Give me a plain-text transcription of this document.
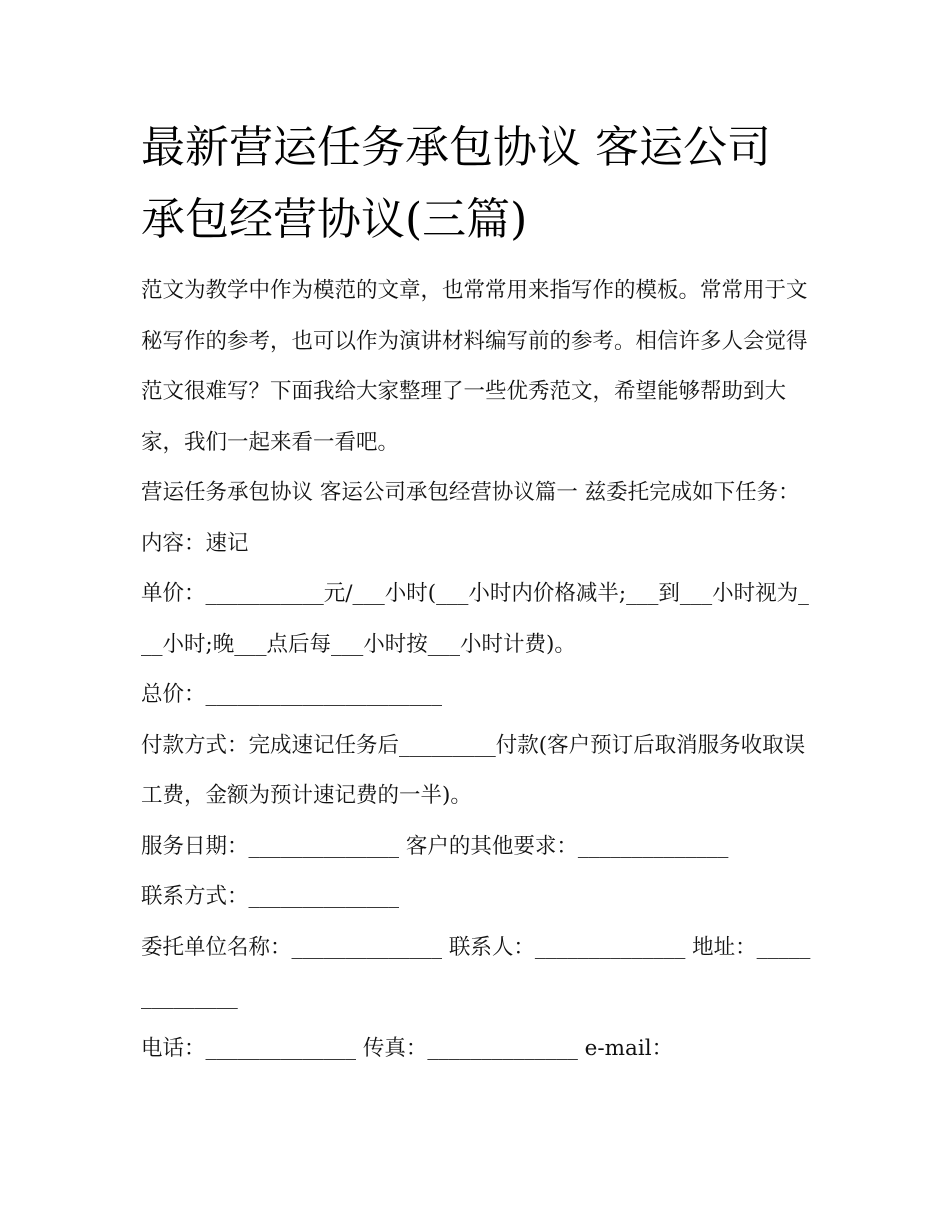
最新营运任务承包协议 客运公司承包经营协议(三篇)

范文为教学中作为模范的文章，也常常用来指写作的模板。常常用于文秘写作的参考，也可以作为演讲材料编写前的参考。相信许多人会觉得范文很难写？下面我给大家整理了一些优秀范文，希望能够帮助到大家，我们一起来看一看吧。

营运任务承包协议 客运公司承包经营协议篇一 兹委托完成如下任务： 内容：速记

单价：___________元/___小时(___小时内价格减半;___到___小时视为___小时;晚___点后每___小时按___小时计费)。

总价：______________________

付款方式：完成速记任务后_________付款(客户预订后取消服务收取误工费，金额为预计速记费的一半)。

服务日期：______________ 客户的其他要求：______________

联系方式：______________

委托单位名称：______________ 联系人：______________ 地址：______________

电话：______________ 传真：______________ e-mail：
